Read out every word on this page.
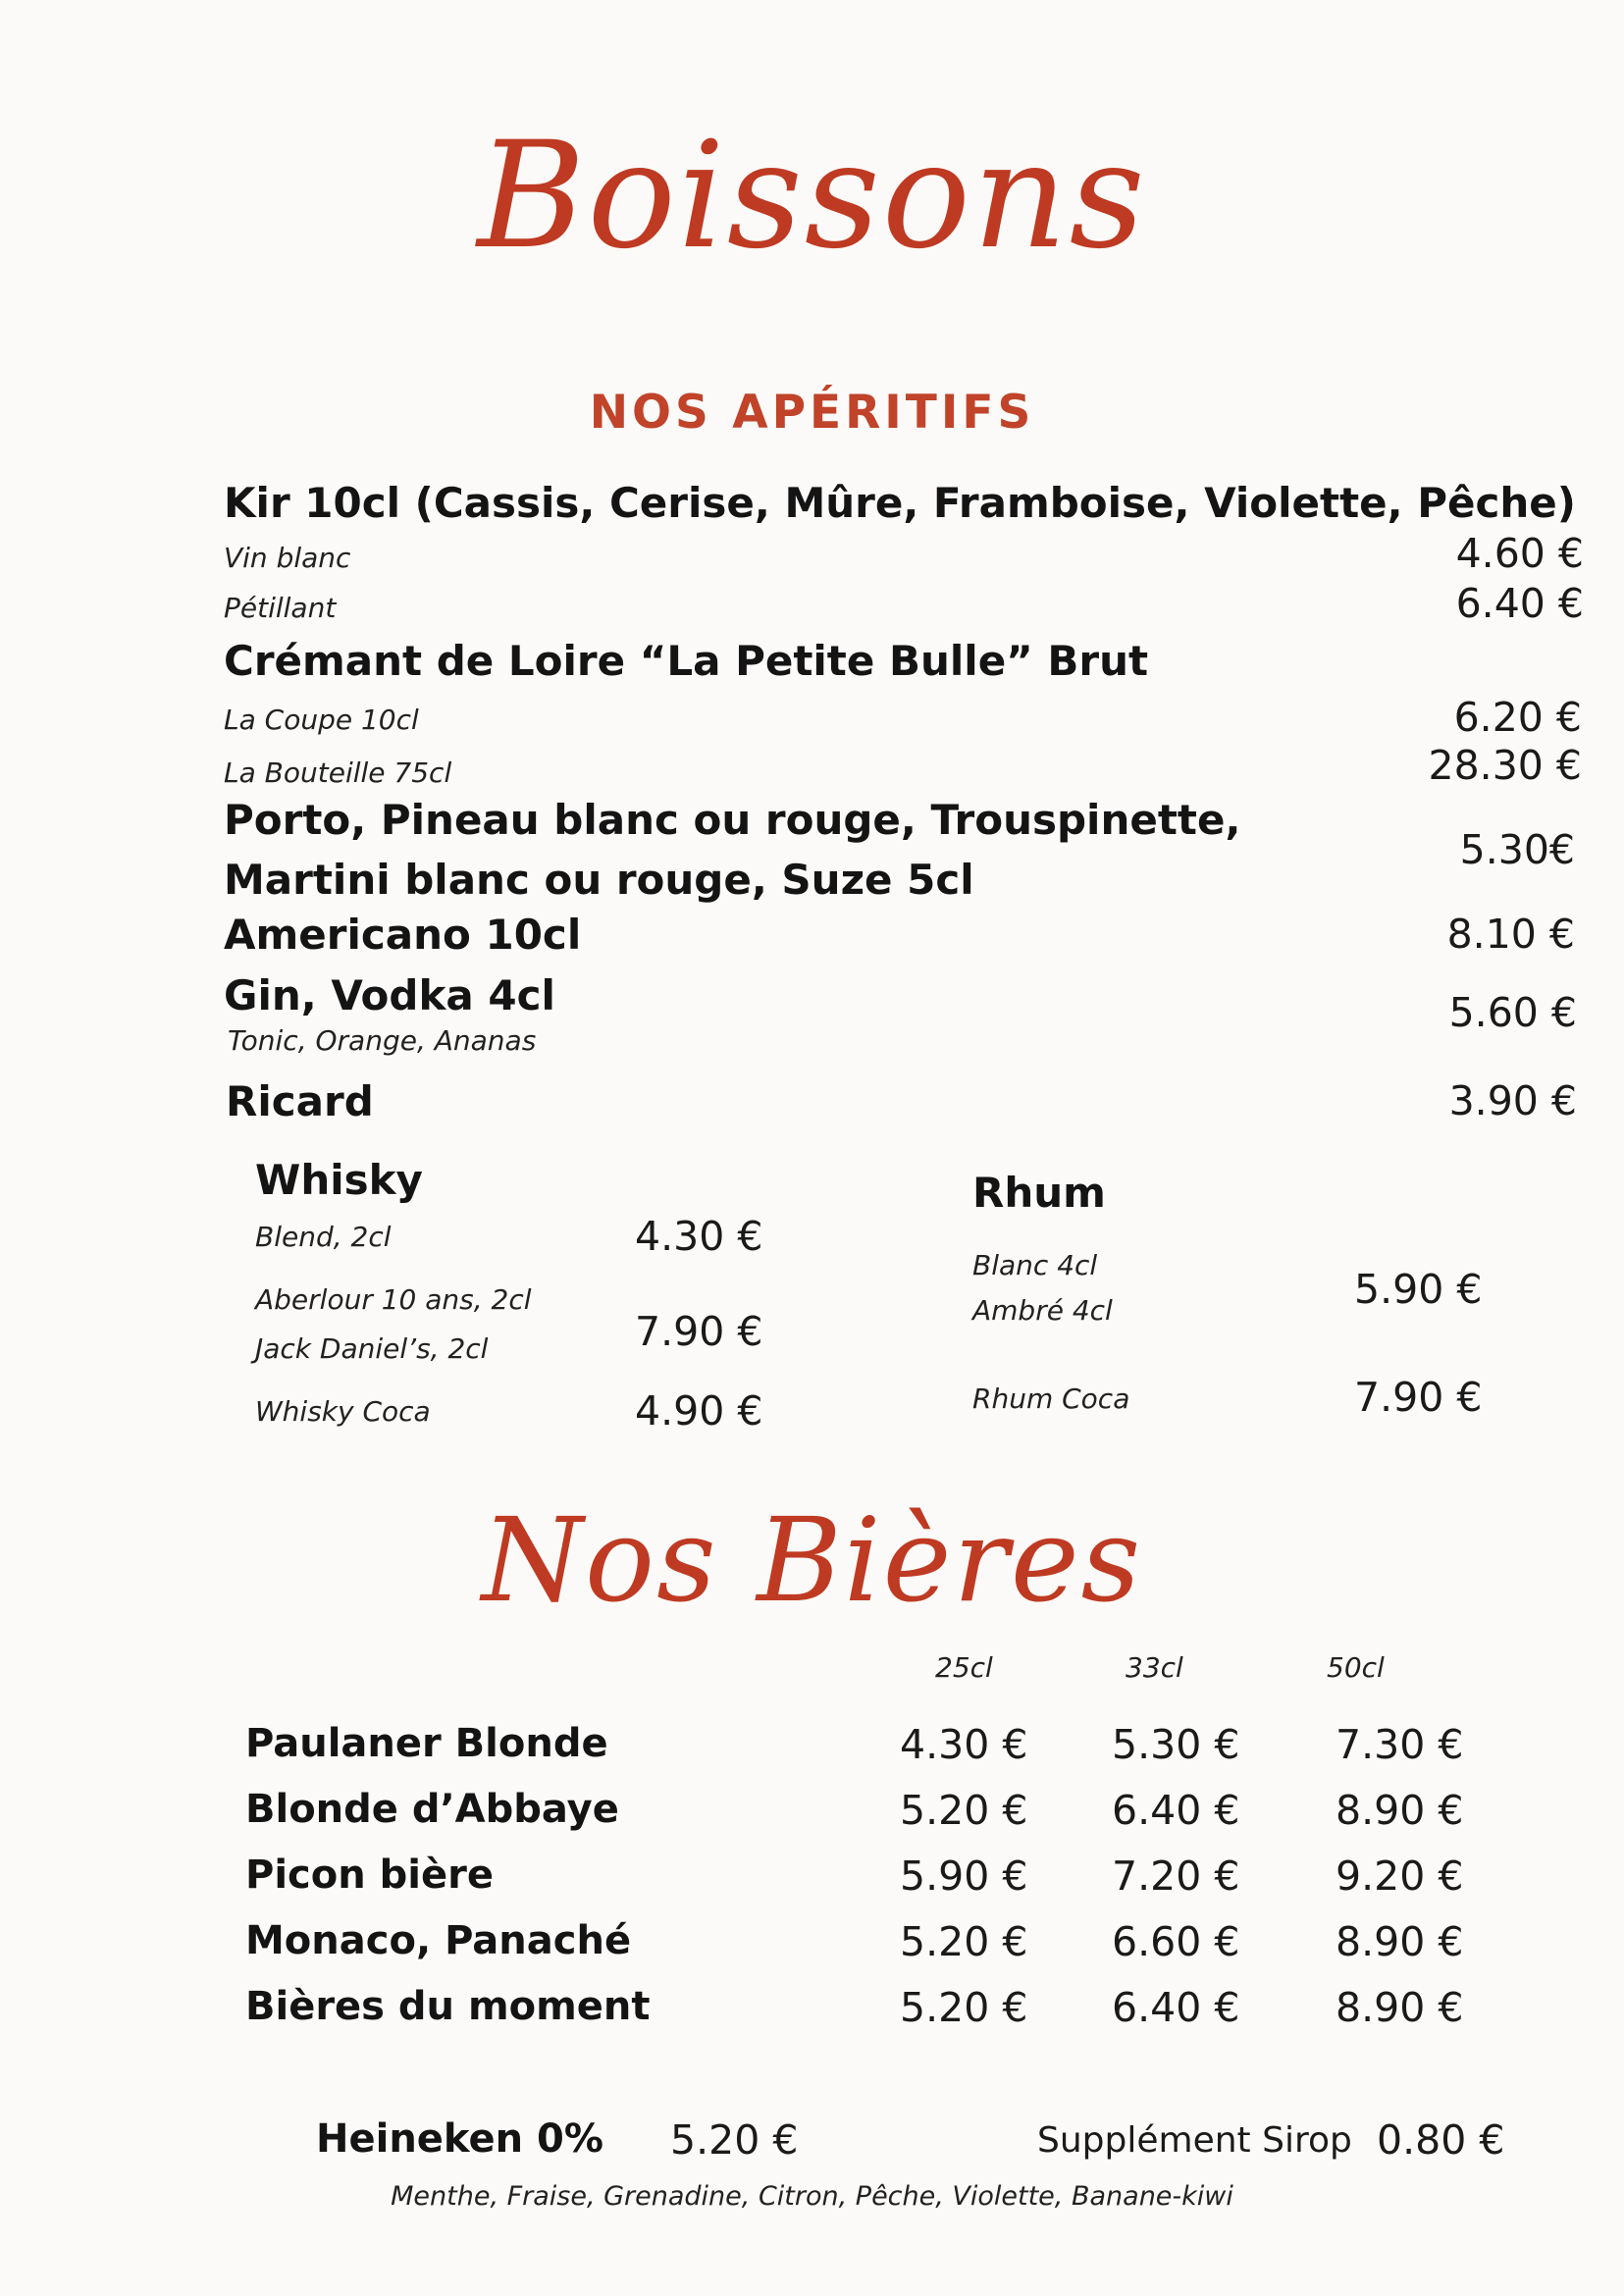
Boissons
NOS APÉRITIFS
Kir 10cl (Cassis, Cerise, Mûre, Framboise, Violette, Pêche)
Vin blanc	4.60 €
Pétillant	6.40 €
Crémant de Loire “La Petite Bulle” Brut
La Coupe 10cl	6.20 €
La Bouteille 75cl	28.30 €
Porto, Pineau blanc ou rouge, Trouspinette,
Martini blanc ou rouge, Suze 5cl
5.30€
Americano 10cl	8.10 €
Gin, Vodka 4cl
Tonic, Orange, Ananas
5.60 €
Ricard	3.90 €
Whisky
Blend, 2cl	4.30 €
Aberlour 10 ans, 2cl
Jack Daniel’s, 2cl	7.90 €
Whisky Coca	4.90 €
Rhum
Blanc 4cl
Ambré 4cl	5.90 €
Rhum Coca	7.90 €
Nos Bières
25cl	33cl	50cl
Paulaner Blonde	4.30 € 5.30 € 7.30 €
Blonde d’Abbaye	5.20 € 6.40 € 8.90 €
Picon bière	5.90 € 7.20 € 9.20 €
Monaco, Panaché	5.20 € 6.60 € 8.90 €
Bières du moment	5.20 € 6.40 € 8.90 €
Heineken 0% 5.20 €	Supplément Sirop 0.80 €
Menthe, Fraise, Grenadine, Citron, Pêche, Violette, Banane-kiwi
